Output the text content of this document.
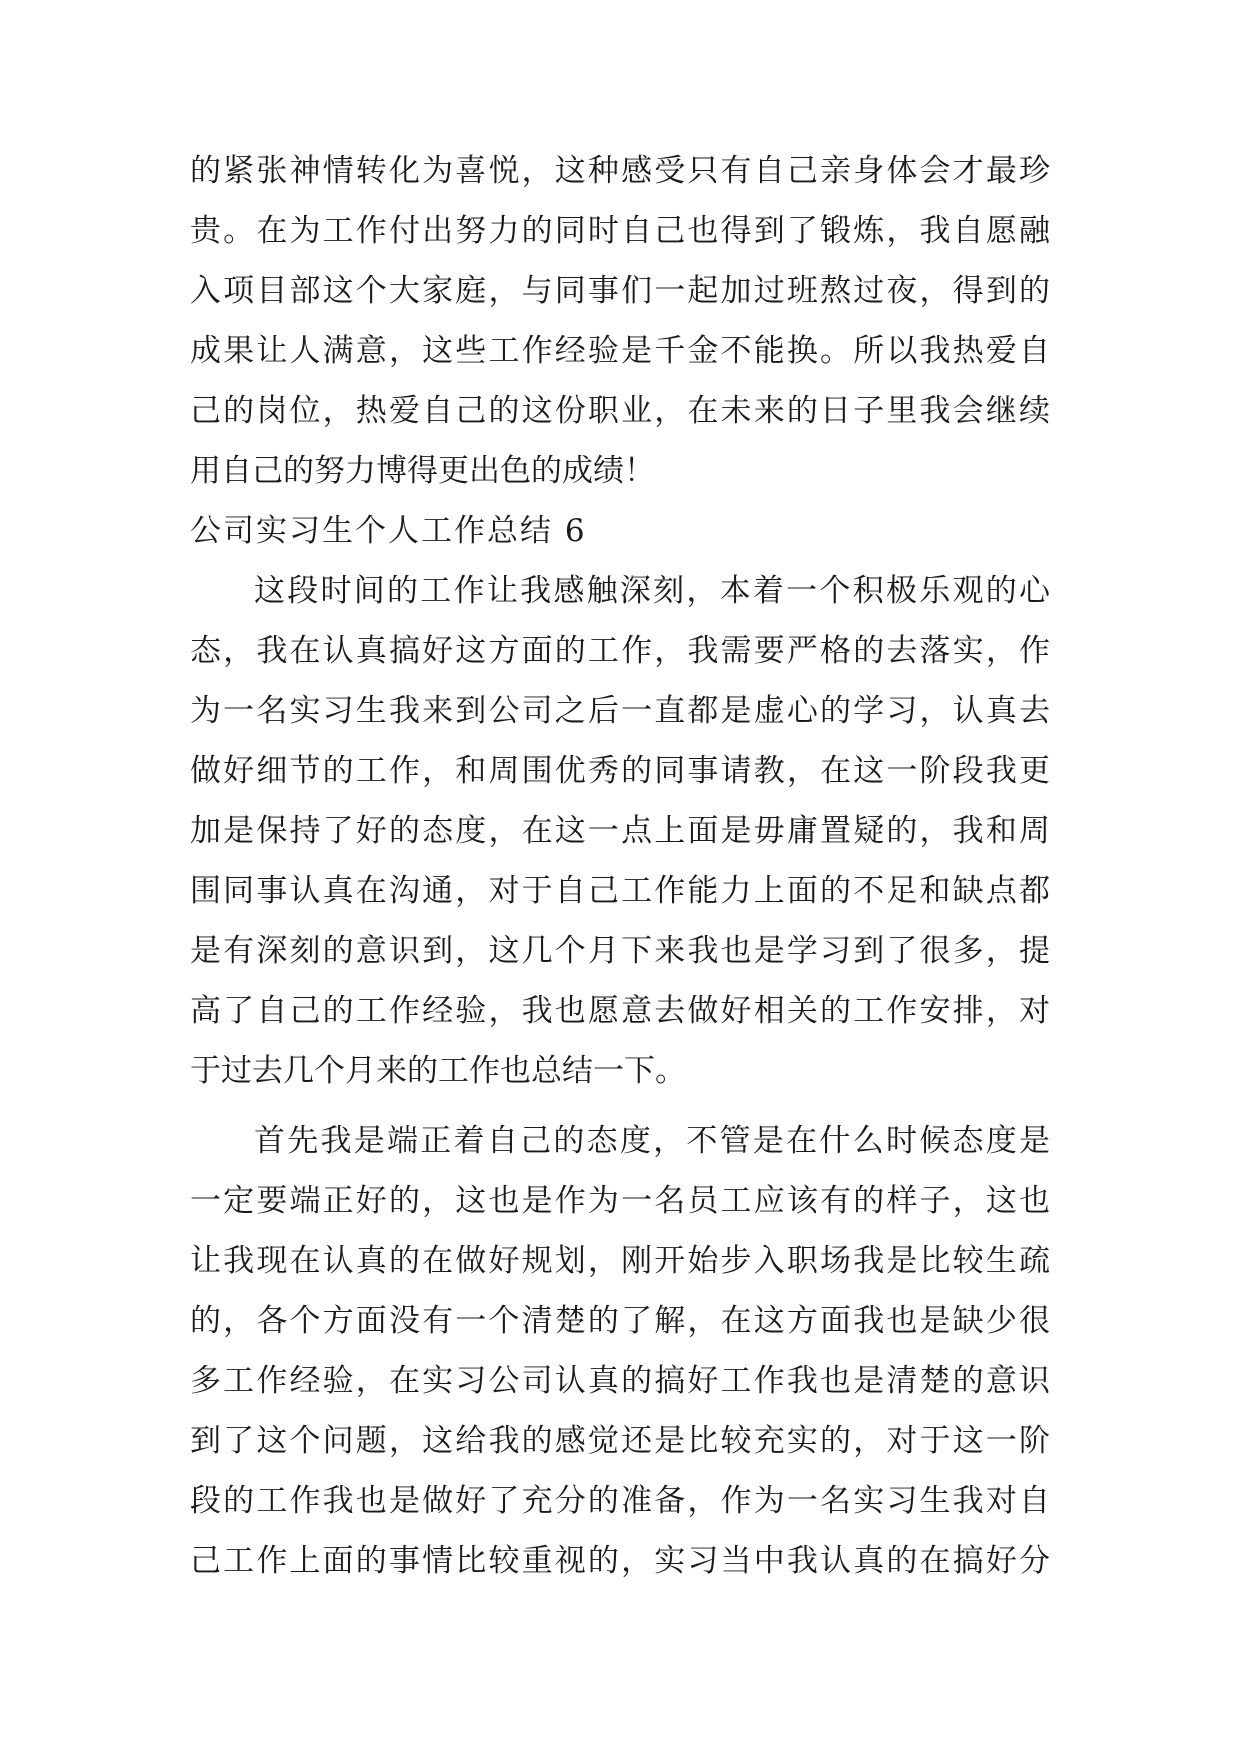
的紧张神情转化为喜悦，这种感受只有自己亲身体会才最珍
贵。在为工作付出努力的同时自己也得到了锻炼，我自愿融
入项目部这个大家庭，与同事们一起加过班熬过夜，得到的
成果让人满意，这些工作经验是千金不能换。所以我热爱自
己的岗位，热爱自己的这份职业，在未来的日子里我会继续
用自己的努力博得更出色的成绩！
公司实习生个人工作总结 6
这段时间的工作让我感触深刻，本着一个积极乐观的心
态，我在认真搞好这方面的工作，我需要严格的去落实，作
为一名实习生我来到公司之后一直都是虚心的学习，认真去
做好细节的工作，和周围优秀的同事请教，在这一阶段我更
加是保持了好的态度，在这一点上面是毋庸置疑的，我和周
围同事认真在沟通，对于自己工作能力上面的不足和缺点都
是有深刻的意识到，这几个月下来我也是学习到了很多，提
高了自己的工作经验，我也愿意去做好相关的工作安排，对
于过去几个月来的工作也总结一下。
首先我是端正着自己的态度，不管是在什么时候态度是
一定要端正好的，这也是作为一名员工应该有的样子，这也
让我现在认真的在做好规划，刚开始步入职场我是比较生疏
的，各个方面没有一个清楚的了解，在这方面我也是缺少很
多工作经验，在实习公司认真的搞好工作我也是清楚的意识
到了这个问题，这给我的感觉还是比较充实的，对于这一阶
段的工作我也是做好了充分的准备，作为一名实习生我对自
己工作上面的事情比较重视的，实习当中我认真的在搞好分
